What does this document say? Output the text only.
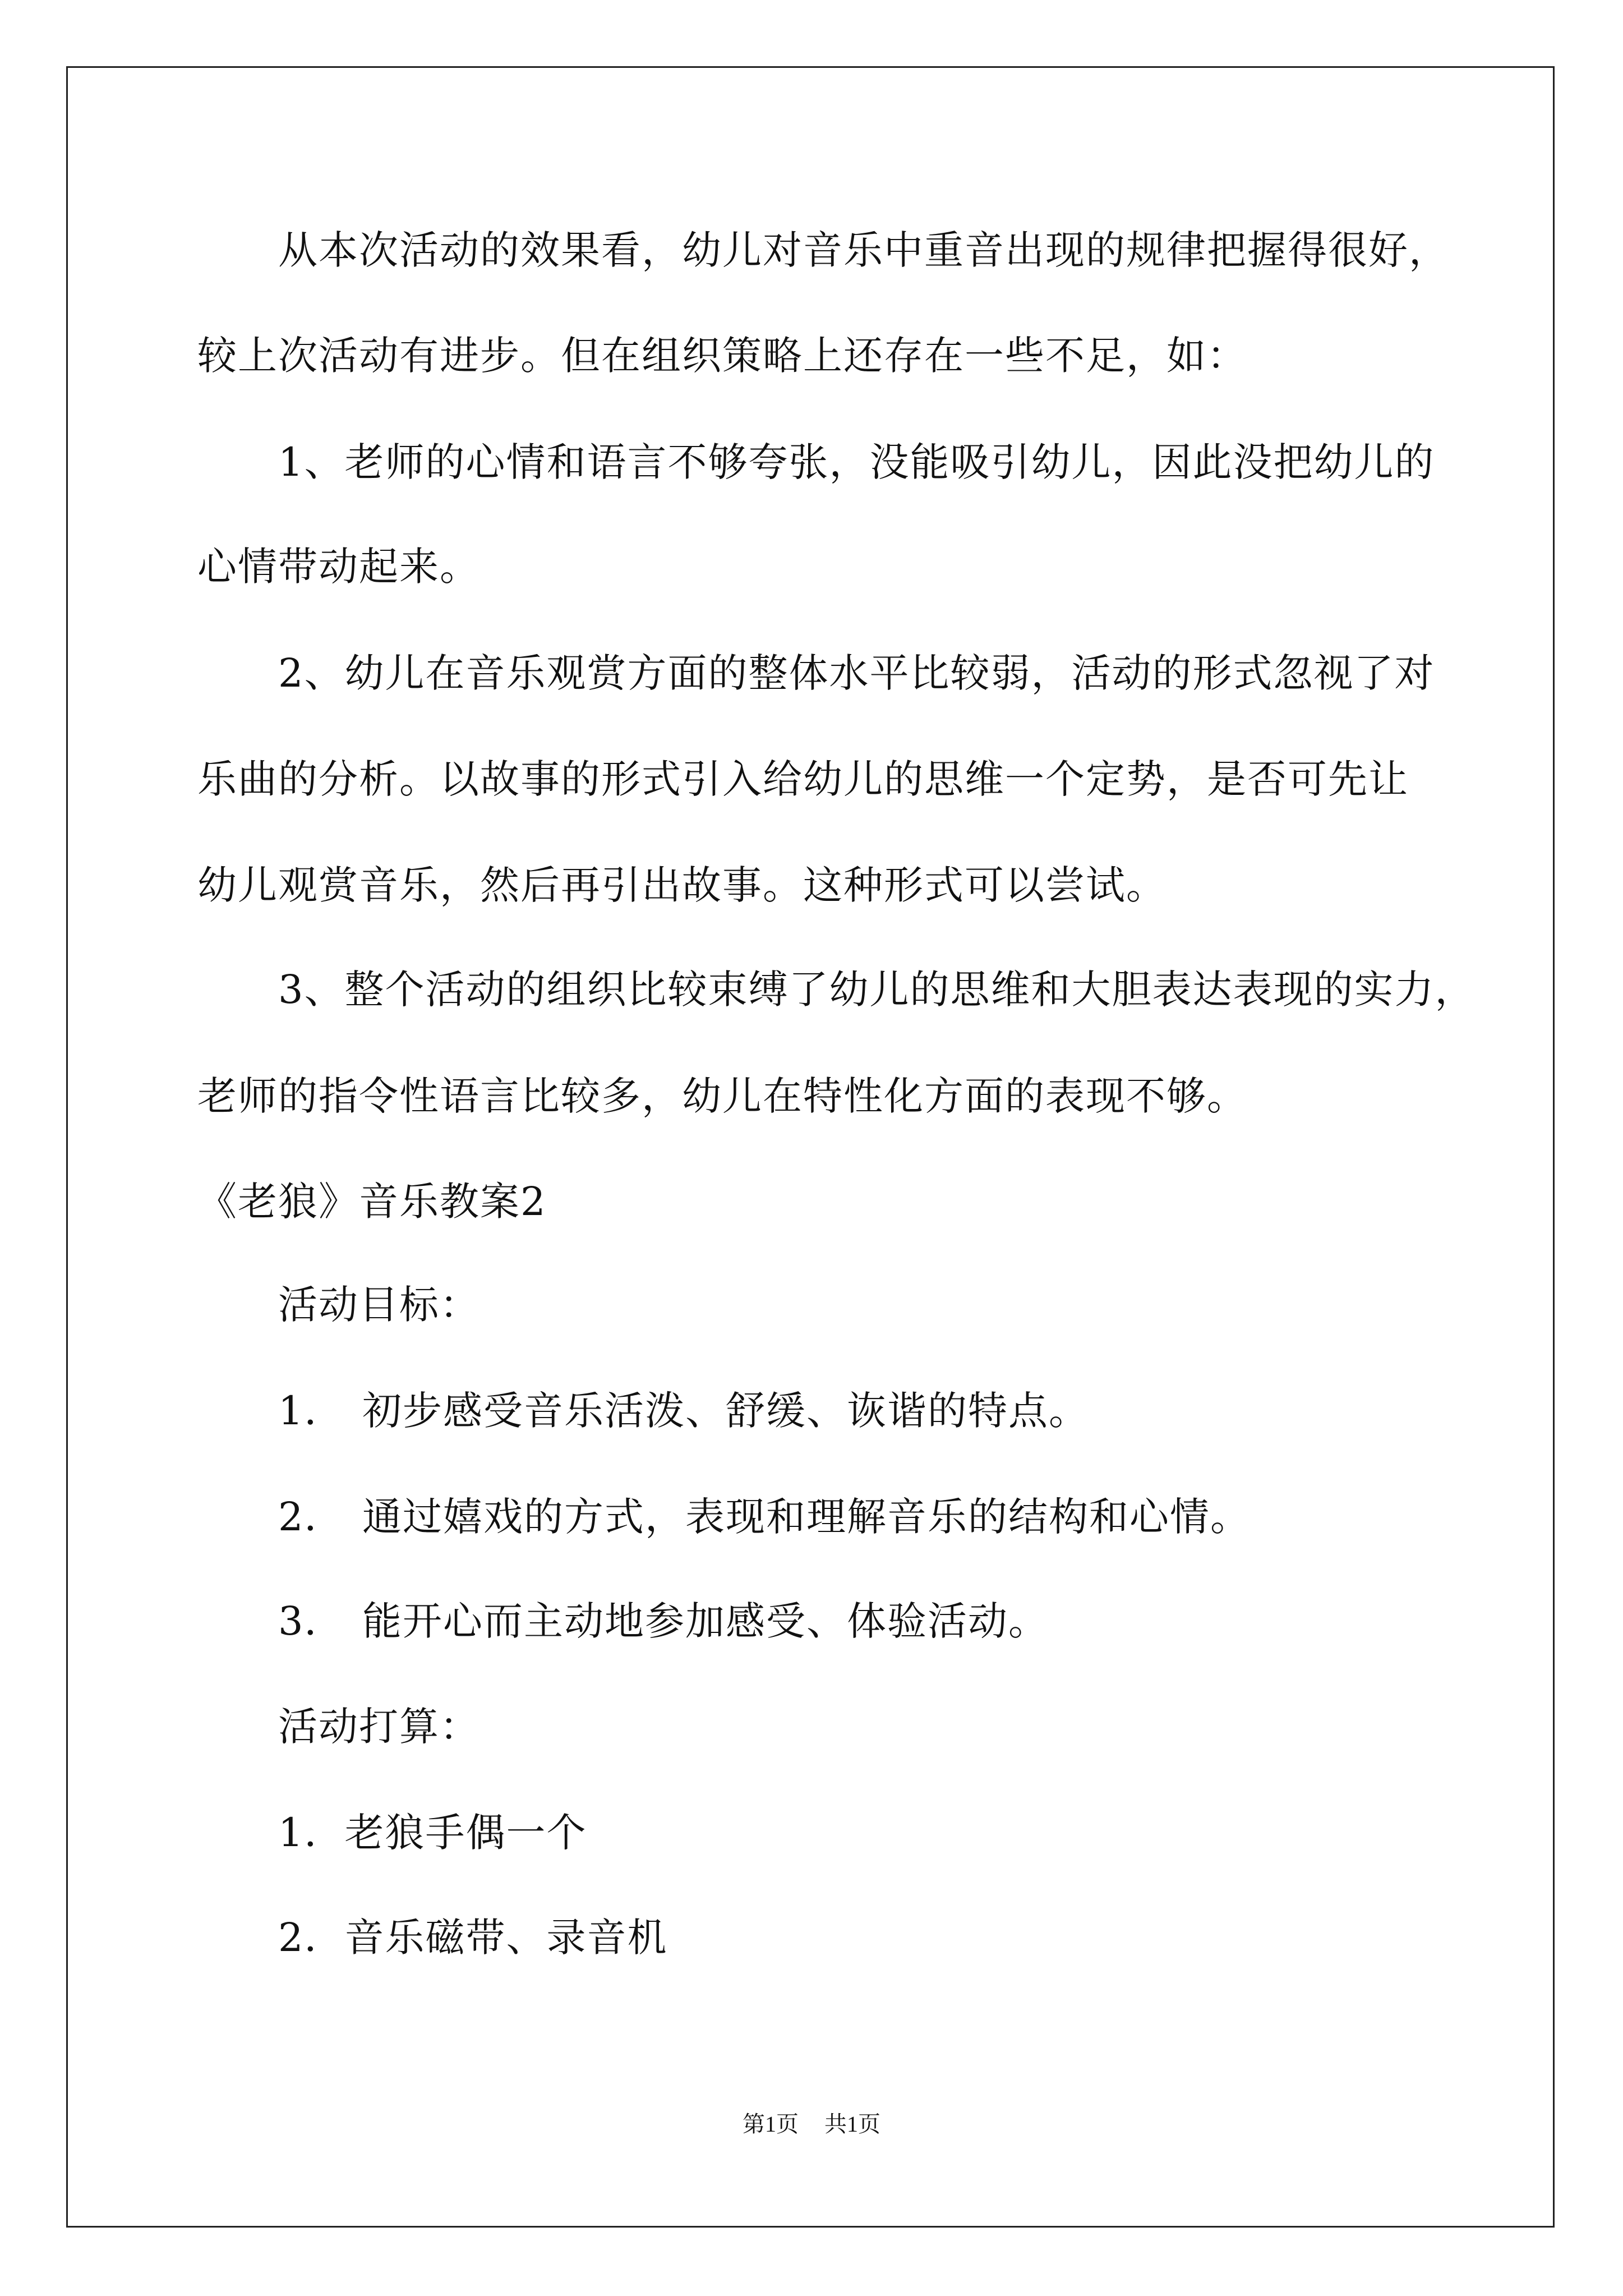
从本次活动的效果看，幼儿对音乐中重音出现的规律把握得很好，

较上次活动有进步。但在组织策略上还存在一些不足，如：

1、老师的心情和语言不够夸张，没能吸引幼儿，因此没把幼儿的

心情带动起来。

2、幼儿在音乐观赏方面的整体水平比较弱，活动的形式忽视了对

乐曲的分析。以故事的形式引入给幼儿的思维一个定势，是否可先让

幼儿观赏音乐，然后再引出故事。这种形式可以尝试。

3、整个活动的组织比较束缚了幼儿的思维和大胆表达表现的实力，

老师的指令性语言比较多，幼儿在特性化方面的表现不够。

《老狼》音乐教案2

活动目标：

1． 初步感受音乐活泼、舒缓、诙谐的特点。

2． 通过嬉戏的方式，表现和理解音乐的结构和心情。

3． 能开心而主动地参加感受、体验活动。

活动打算：

1．老狼手偶一个

2．音乐磁带、录音机

第1页 共1页
